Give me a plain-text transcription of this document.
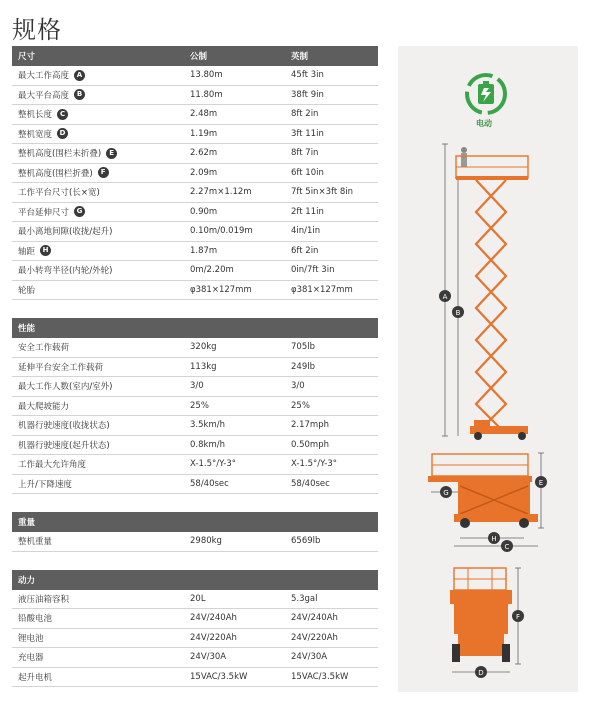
规格
尺寸	公制	英制
最大工作高度	A	13.80m	45ft 3in
最大平台高度	B	11.80m	38ft 9in
整机长度	C	2.48m	8ft 2in
整机宽度	D	1.19m	3ft 11in
整机高度(围栏未折叠)	E	2.62m	8ft 7in
整机高度(围栏折叠)	F	2.09m	6ft 10in
工作平台尺寸(长×宽)	2.27m×1.12m	7ft 5in×3ft 8in
平台延伸尺寸	G	0.90m	2ft 11in
最小离地间隙(收拢/起升)	0.10m/0.019m	4in/1in
轴距	H	1.87m	6ft 2in
最小转弯半径(内轮/外轮)	0m/2.20m	0in/7ft 3in
轮胎	φ381×127mm	φ381×127mm
性能
安全工作载荷	320kg	705lb
延伸平台安全工作载荷	113kg	249lb
最大工作人数(室内/室外)	3/0	3/0
最大爬坡能力	25%	25%
机器行驶速度(收拢状态)	3.5km/h	2.17mph
机器行驶速度(起升状态)	0.8km/h	0.50mph
工作最大允许角度	X-1.5°/Y-3°	X-1.5°/Y-3°
上升/下降速度	58/40sec	58/40sec
重量
整机重量	2980kg	6569lb
动力
液压油箱容积	20L	5.3gal
铅酸电池	24V/240Ah	24V/240Ah
锂电池	24V/220Ah	24V/220Ah
充电器	24V/30A	24V/30A
起升电机	15VAC/3.5kW	15VAC/3.5kW
A
B
E
G
H
C
F
D
电动
